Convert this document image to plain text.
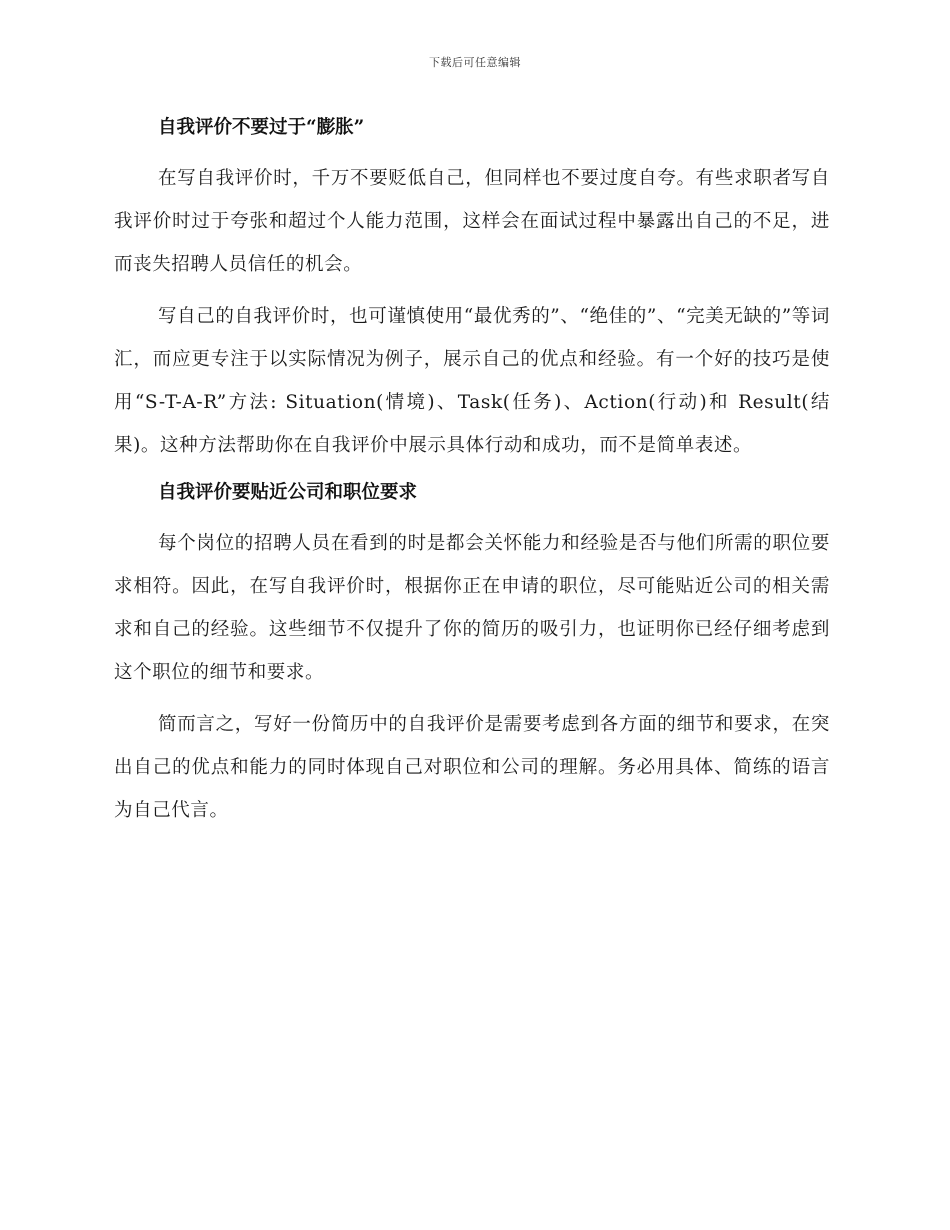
下载后可任意编辑
自我评价不要过于“膨胀”

在写自我评价时，千万不要贬低自己，但同样也不要过度自夸。有些求职者写自我评价时过于夸张和超过个人能力范围，这样会在面试过程中暴露出自己的不足，进而丧失招聘人员信任的机会。

写自己的自我评价时，也可谨慎使用“最优秀的”、“绝佳的”、“完美无缺的”等词汇，而应更专注于以实际情况为例子，展示自己的优点和经验。有一个好的技巧是使用“S-T-A-R”方法: Situation(情境)、Task(任务)、Action(行动)和 Result(结果)。这种方法帮助你在自我评价中展示具体行动和成功，而不是简单表述。

自我评价要贴近公司和职位要求

每个岗位的招聘人员在看到的时是都会关怀能力和经验是否与他们所需的职位要求相符。因此，在写自我评价时，根据你正在申请的职位，尽可能贴近公司的相关需求和自己的经验。这些细节不仅提升了你的简历的吸引力，也证明你已经仔细考虑到这个职位的细节和要求。

简而言之，写好一份简历中的自我评价是需要考虑到各方面的细节和要求，在突出自己的优点和能力的同时体现自己对职位和公司的理解。务必用具体、简练的语言为自己代言。
